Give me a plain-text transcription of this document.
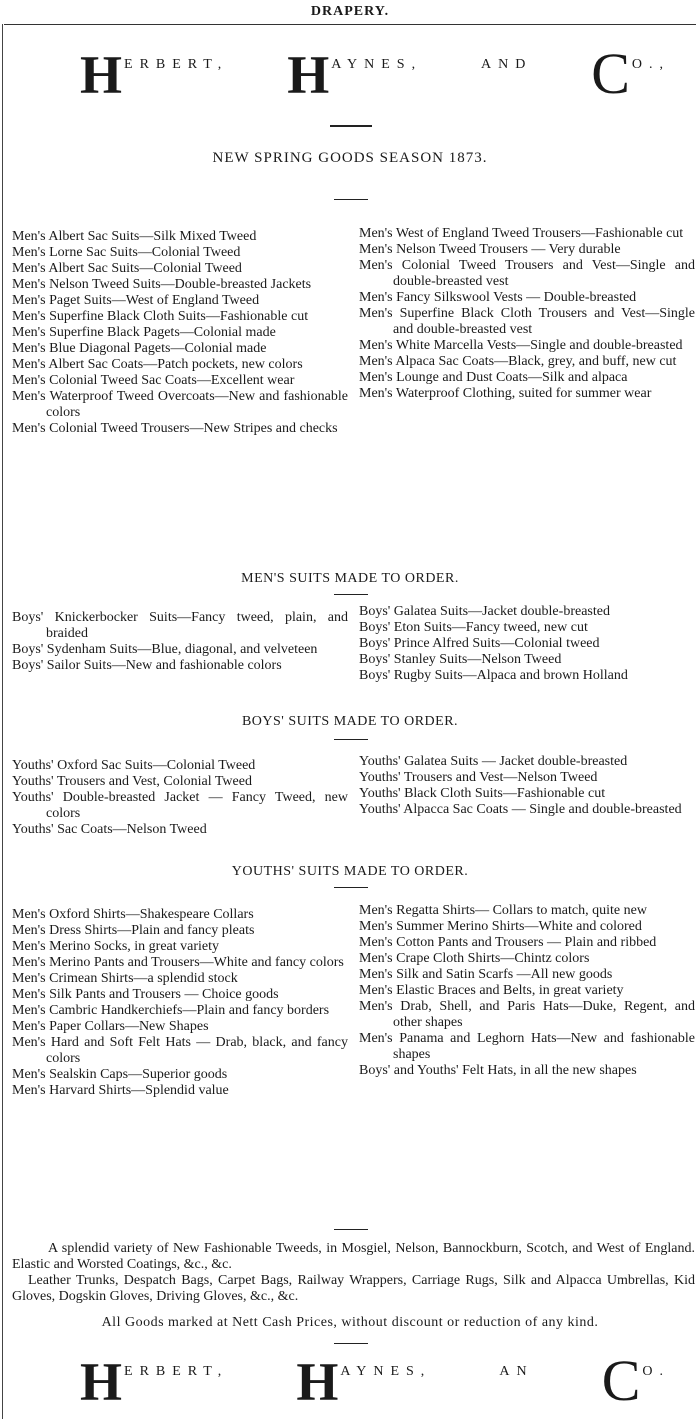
DRAPERY.
H ERBERT, H AYNES,	AND C O.,
NEW SPRING GOODS SEASON 1873.

Men's Albert Sac Suits—Silk Mixed Tweed

Men's Lorne Sac Suits—Colonial Tweed

Men's Albert Sac Suits—Colonial Tweed

Men's Nelson Tweed Suits—Double-breasted Jackets

Men's Paget Suits—West of England Tweed

Men's Superfine Black Cloth Suits—Fashionable cut

Men's Superfine Black Pagets—Colonial made

Men's Blue Diagonal Pagets—Colonial made

Men's Albert Sac Coats—Patch pockets, new colors

Men's Colonial Tweed Sac Coats—Excellent wear

Men's Waterproof Tweed Overcoats—New and fashionable colors

Men's Colonial Tweed Trousers—New Stripes and checks

Men's West of England Tweed Trousers—Fashionable cut

Men's Nelson Tweed Trousers — Very durable

Men's Colonial Tweed Trousers and Vest—Single and double-breasted vest

Men's Fancy Silkswool Vests — Double-breasted

Men's Superfine Black Cloth Trousers and Vest—Single and double-breasted vest

Men's White Marcella Vests—Single and double-breasted

Men's Alpaca Sac Coats—Black, grey, and buff, new cut

Men's Lounge and Dust Coats—Silk and alpaca

Men's Waterproof Clothing, suited for summer wear

MEN'S SUITS MADE TO ORDER.

Boys' Knickerbocker Suits—Fancy tweed, plain, and braided

Boys' Sydenham Suits—Blue, diagonal, and velveteen

Boys' Sailor Suits—New and fashionable colors

Boys' Galatea Suits—Jacket double-breasted

Boys' Eton Suits—Fancy tweed, new cut

Boys' Prince Alfred Suits—Colonial tweed

Boys' Stanley Suits—Nelson Tweed

Boys' Rugby Suits—Alpaca and brown Holland

BOYS' SUITS MADE TO ORDER.

Youths' Oxford Sac Suits—Colonial Tweed

Youths' Trousers and Vest, Colonial Tweed

Youths' Double-breasted Jacket — Fancy Tweed, new colors

Youths' Sac Coats—Nelson Tweed

Youths' Galatea Suits — Jacket double-breasted

Youths' Trousers and Vest—Nelson Tweed

Youths' Black Cloth Suits—Fashionable cut

Youths' Alpacca Sac Coats — Single and double-breasted

YOUTHS' SUITS MADE TO ORDER.

Men's Oxford Shirts—Shakespeare Collars

Men's Dress Shirts—Plain and fancy pleats

Men's Merino Socks, in great variety

Men's Merino Pants and Trousers—White and fancy colors

Men's Crimean Shirts—a splendid stock

Men's Silk Pants and Trousers — Choice goods

Men's Cambric Handkerchiefs—Plain and fancy borders

Men's Paper Collars—New Shapes

Men's Hard and Soft Felt Hats — Drab, black, and fancy colors

Men's Sealskin Caps—Superior goods

Men's Harvard Shirts—Splendid value

Men's Regatta Shirts— Collars to match, quite new

Men's Summer Merino Shirts—White and colored

Men's Cotton Pants and Trousers — Plain and ribbed

Men's Crape Cloth Shirts—Chintz colors

Men's Silk and Satin Scarfs —All new goods

Men's Elastic Braces and Belts, in great variety

Men's Drab, Shell, and Paris Hats—Duke, Regent, and other shapes

Men's Panama and Leghorn Hats—New and fashionable shapes

Boys' and Youths' Felt Hats, in all the new shapes

A splendid variety of New Fashionable Tweeds, in Mosgiel, Nelson, Bannockburn, Scotch, and West of England. Elastic and Worsted Coatings, &c., &c.

Leather Trunks, Despatch Bags, Carpet Bags, Railway Wrappers, Carriage Rugs, Silk and Alpacca Umbrellas, Kid Gloves, Dogskin Gloves, Driving Gloves, &c., &c.

All Goods marked at Nett Cash Prices, without discount or reduction of any kind.
H ERBERT, H AYNES,	AN C O.
